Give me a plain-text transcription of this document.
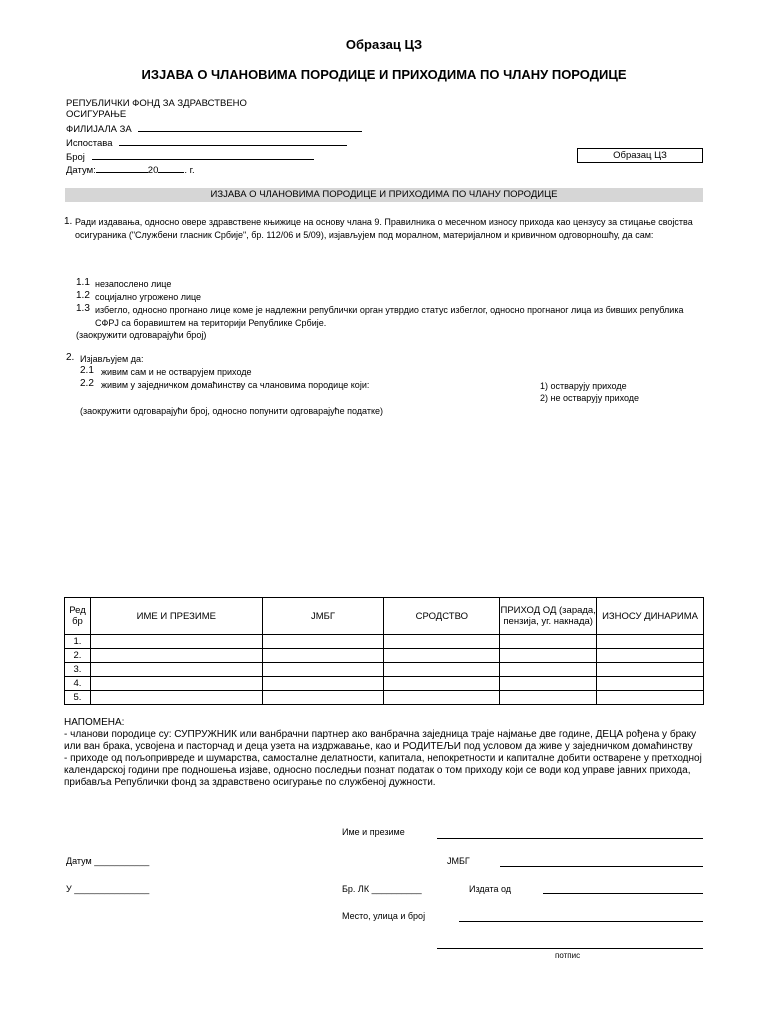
Образац ЦЗ
ИЗЈАВА О ЧЛАНОВИМА ПОРОДИЦЕ И ПРИХОДИМА ПО ЧЛАНУ ПОРОДИЦЕ
РЕПУБЛИЧКИ ФОНД ЗА ЗДРАВСТВЕНО
ОСИГУРАЊЕ
ФИЛИЈАЛА ЗА
Испостава
Број
Датум:	20	. г.
Образац ЦЗ
ИЗЈАВА О ЧЛАНОВИМА ПОРОДИЦЕ И ПРИХОДИМА ПО ЧЛАНУ ПОРОДИЦЕ
1. Ради издавања, односно овере здравствене књижице на основу члана 9. Правилника о месечном износу прихода као цензусу за стицање својства осигураника ("Службени гласник Србије", бр. 112/06 и 5/09), изјављујем под моралном, материјалном и кривичном одговорношћу, да сам:
1.1 незапослено лице
1.2 социјално угрожено лице
1.3 избегло, односно прогнано лице коме је надлежни републички орган утврдио статус избеглог, односно прогнаног лица из бивших република СФРЈ са боравиштем на територији Републике Србије.
(заокружити одговарајући број)
2. Изјављујем да:
2.1 живим сам и не остварујем приходе
2.2 живим у заједничком домаћинству са члановима породице који:	1) остварују приходе
2) не остварују приходе
(заокружити одговарајући број, односно попунити одговарајуће податке)
Ред бр	ИМЕ И ПРЕЗИМЕ	ЈМБГ	СРОДСТВО	ПРИХОД ОД (зарада, пензија, уг. накнада)	ИЗНОСУ ДИНАРИМА
1.					
2.					
3.					
4.					
5.					
НАПОМЕНА:
- чланови породице су: СУПРУЖНИК или ванбрачни партнер ако ванбрачна заједница траје најмање две године, ДЕЦА рођена у браку или ван брака, усвојена и пасторчад и деца узета на издржавање, као и РОДИТЕЉИ под условом да живе у заједничком домаћинству
- приходе од пољопривреде и шумарства, самосталне делатности, капитала, непокретности и капиталне добити остварене у претходној календарској години пре подношења изјаве, односно последњи познат податак о том приходу који се води код управе јавних прихода, прибавља Републички фонд за здравствено осигурање по службеној дужности.
Име и презиме
Датум ___________	ЈМБГ
У _______________	Бр. ЛК __________	Издата од
Место, улица и број
потпис
